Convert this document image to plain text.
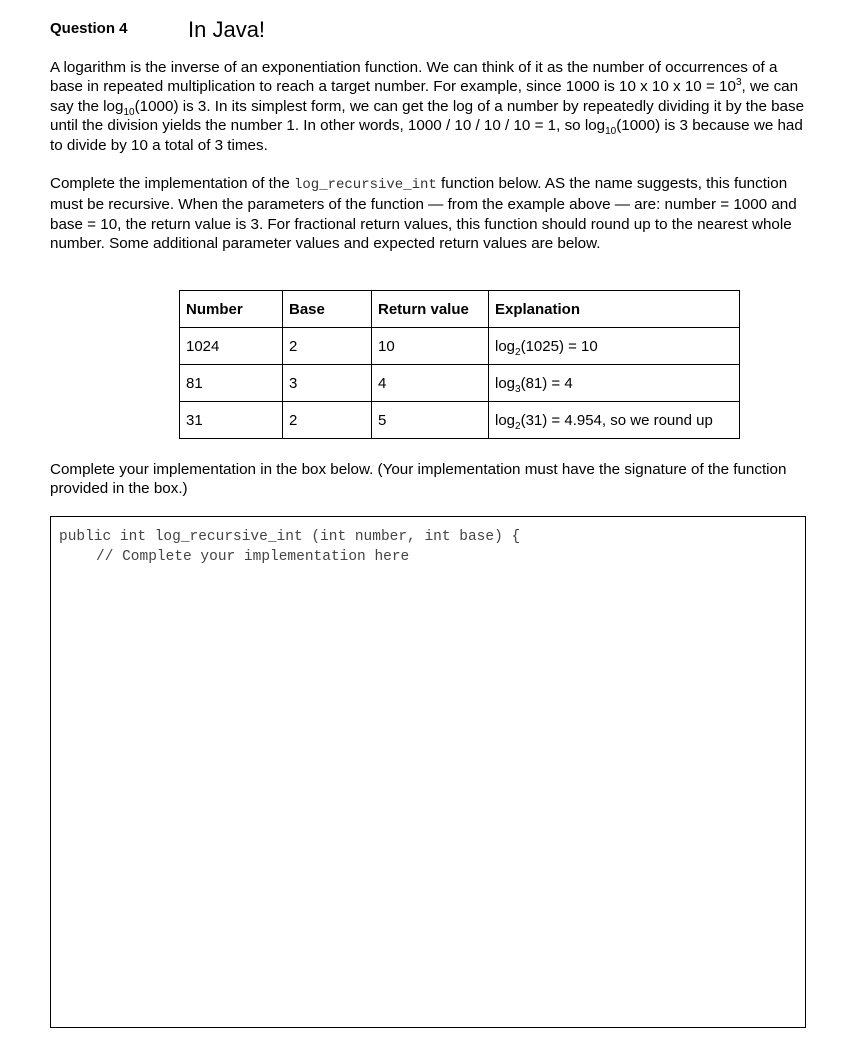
Question 4	In Java!
A logarithm is the inverse of an exponentiation function. We can think of it as the number of occurrences of a base in repeated multiplication to reach a target number. For example, since 1000 is 10 x 10 x $10 = 10^3$, we can say the $\log_{10}(1000)$ is 3. In its simplest form, we can get the log of a number by repeatedly dividing it by the base until the division yields the number 1. In other words, 1000 / 10 / 10 / 10 = 1, so $\log_{10}(1000)$ is 3 because we had to divide by 10 a total of 3 times.
Complete the implementation of the log_recursive_int function below. AS the name suggests, this function must be recursive. When the parameters of the function — from the example above — are: number = 1000 and base = 10, the return value is 3. For fractional return values, this function should round up to the nearest whole number. Some additional parameter values and expected return values are below.
Number	Base	Return value	Explanation
1024	2	10	$\log_2(1025) = 10$
81	3	4	$\log_3(81) = 4$
31	2	5	$\log_2(31) = 4.954$, so we round up
Complete your implementation in the box below. (Your implementation must have the signature of the function provided in the box.)
public int log_recursive_int (int number, int base) {
// Complete your implementation here
